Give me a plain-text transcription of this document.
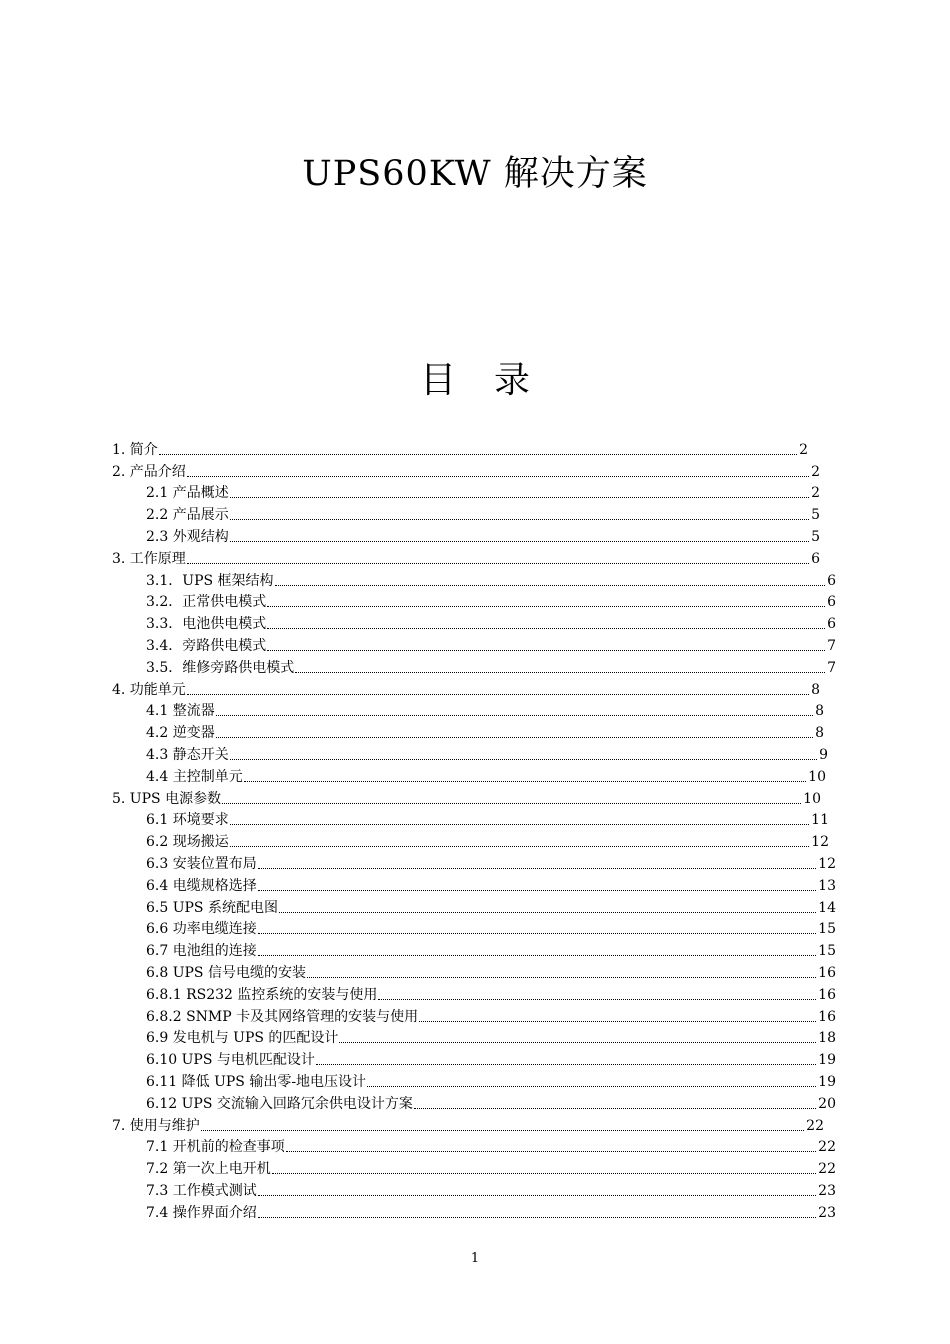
UPS60KW 解决方案
目录
1. 简介	2
2. 产品介绍	2
2.1 产品概述	2
2.2 产品展示	5
2.3 外观结构	5
3. 工作原理	6
3.1．UPS 框架结构	6
3.2．正常供电模式	6
3.3．电池供电模式	6
3.4．旁路供电模式	7
3.5．维修旁路供电模式	7
4. 功能单元	8
4.1 整流器	8
4.2 逆变器	8
4.3 静态开关	9
4.4 主控制单元	10
5. UPS 电源参数	10
6.1 环境要求	11
6.2 现场搬运	12
6.3 安装位置布局	12
6.4 电缆规格选择	13
6.5 UPS 系统配电图	14
6.6 功率电缆连接	15
6.7 电池组的连接	15
6.8 UPS 信号电缆的安装	16
6.8.1 RS232 监控系统的安装与使用	16
6.8.2 SNMP 卡及其网络管理的安装与使用	16
6.9 发电机与 UPS 的匹配设计	18
6.10 UPS 与电机匹配设计	19
6.11 降低 UPS 输出零-地电压设计	19
6.12 UPS 交流输入回路冗余供电设计方案	20
7. 使用与维护	22
7.1 开机前的检查事项	22
7.2 第一次上电开机	22
7.3 工作模式测试	23
7.4 操作界面介绍	23
1
